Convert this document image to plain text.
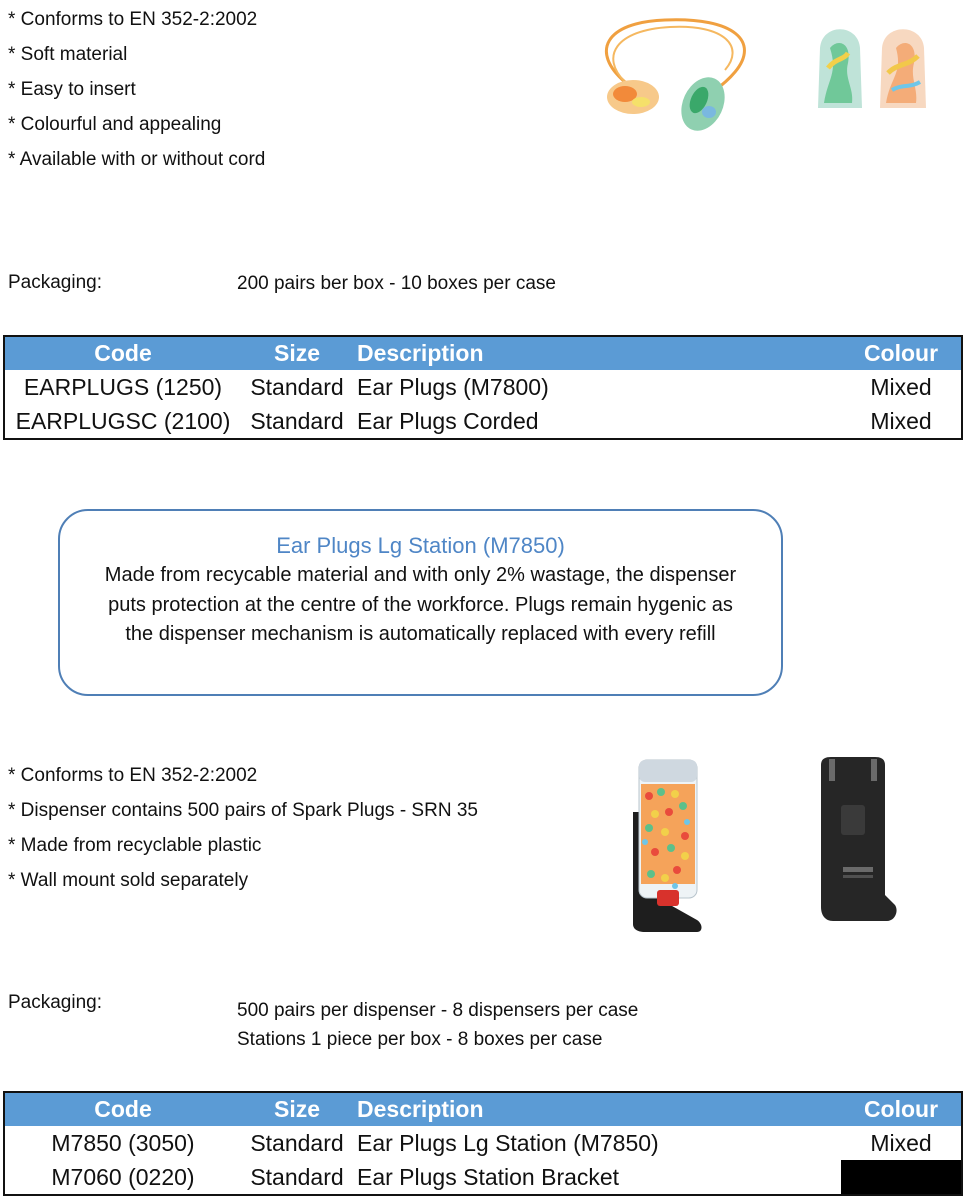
* Conforms to EN 352-2:2002
* Soft material
* Easy to insert
* Colourful and appealing
* Available with or without cord
Packaging:	200 pairs ber box - 10 boxes per case
Code	Size	Description	Colour
EARPLUGS (1250)	Standard	Ear Plugs (M7800)	Mixed
EARPLUGSC (2100)	Standard	Ear Plugs Corded	Mixed
Ear Plugs Lg Station (M7850)
Made from recycable material and with only 2% wastage, the dispenser puts protection at the centre of the workforce. Plugs remain hygenic as the dispenser mechanism is automatically replaced with every refill
* Conforms to EN 352-2:2002
* Dispenser contains 500 pairs of Spark Plugs - SRN 35
* Made from recyclable plastic
* Wall mount sold separately
Packaging:	500 pairs per dispenser - 8 dispensers per case
Stations 1 piece per box - 8 boxes per case
Code	Size	Description	Colour
M7850 (3050)	Standard	Ear Plugs Lg Station (M7850)	Mixed
M7060 (0220)	Standard	Ear Plugs Station Bracket	
